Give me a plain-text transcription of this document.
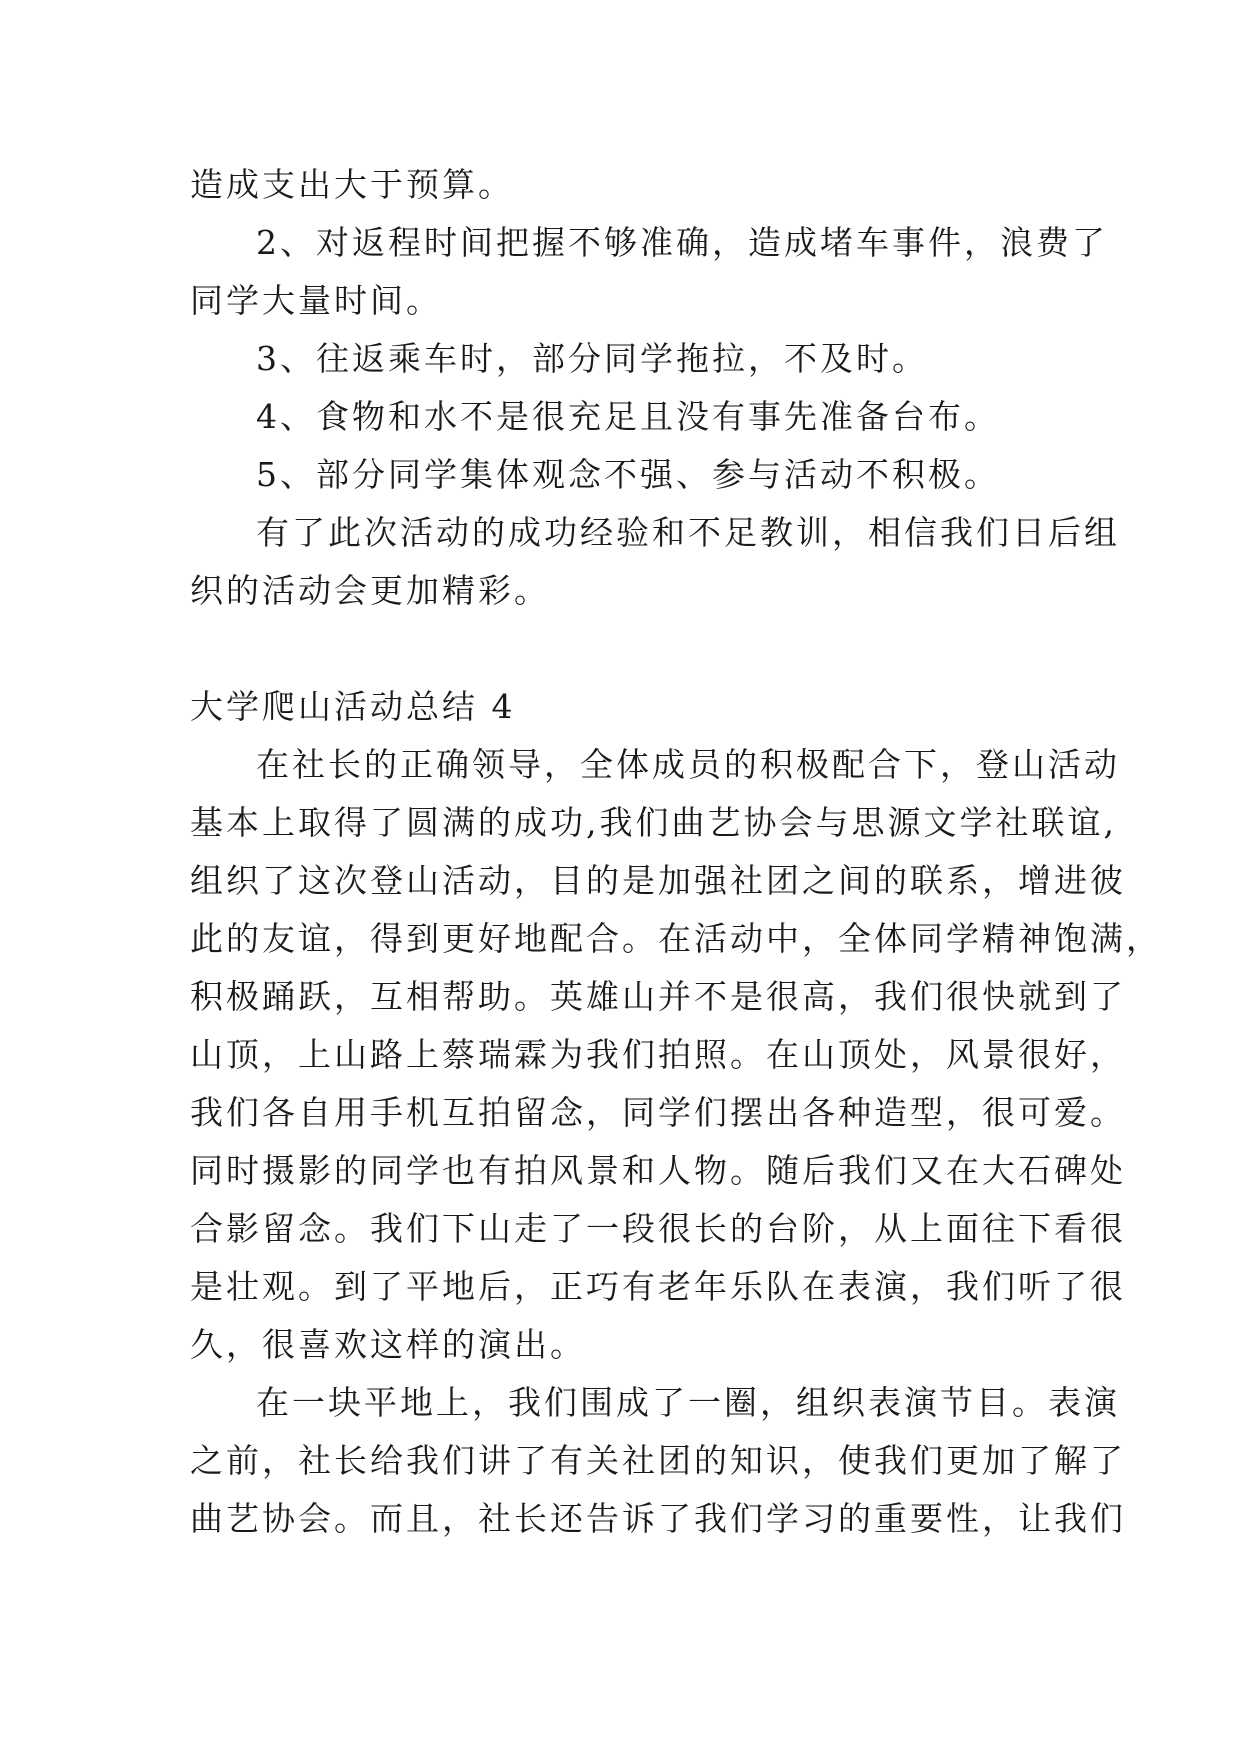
造成支出大于预算。
2、对返程时间把握不够准确，造成堵车事件，浪费了
同学大量时间。
3、往返乘车时，部分同学拖拉，不及时。
4、食物和水不是很充足且没有事先准备台布。
5、部分同学集体观念不强、参与活动不积极。
有了此次活动的成功经验和不足教训，相信我们日后组
织的活动会更加精彩。
大学爬山活动总结 4
在社长的正确领导，全体成员的积极配合下，登山活动
基本上取得了圆满的成功,我们曲艺协会与思源文学社联谊,
组织了这次登山活动，目的是加强社团之间的联系，增进彼
此的友谊，得到更好地配合。在活动中，全体同学精神饱满，
积极踊跃，互相帮助。英雄山并不是很高，我们很快就到了
山顶，上山路上蔡瑞霖为我们拍照。在山顶处，风景很好，
我们各自用手机互拍留念，同学们摆出各种造型，很可爱。
同时摄影的同学也有拍风景和人物。随后我们又在大石碑处
合影留念。我们下山走了一段很长的台阶，从上面往下看很
是壮观。到了平地后，正巧有老年乐队在表演，我们听了很
久，很喜欢这样的演出。
在一块平地上，我们围成了一圈，组织表演节目。表演
之前，社长给我们讲了有关社团的知识，使我们更加了解了
曲艺协会。而且，社长还告诉了我们学习的重要性，让我们
